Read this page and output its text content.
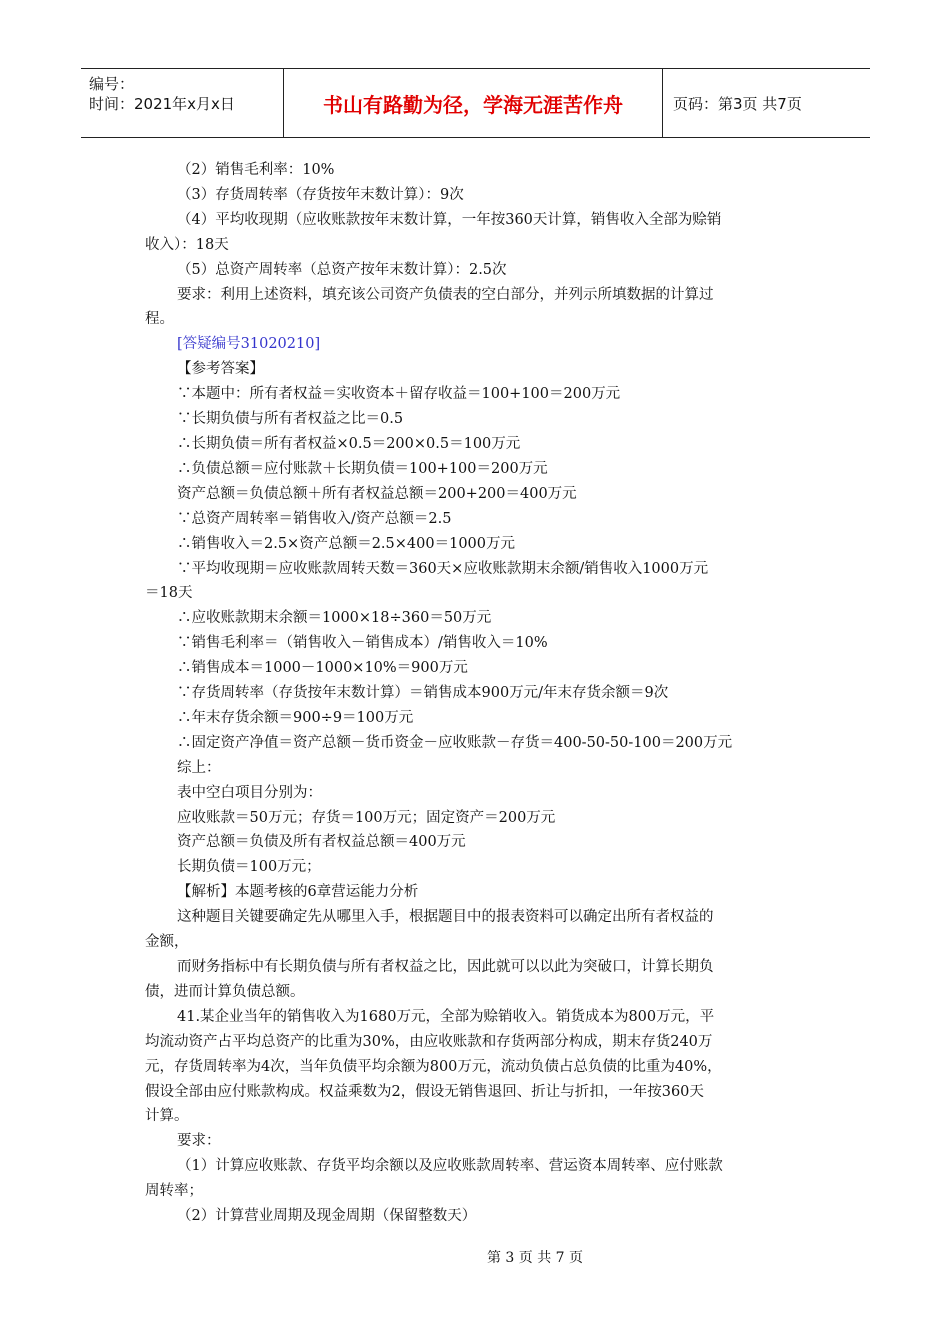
编号：
时间：2021年x月x日	书山有路勤为径，学海无涯苦作舟	页码：第3页 共7页

（2）销售毛利率：10%

（3）存货周转率（存货按年末数计算）：9次

（4）平均收现期（应收账款按年末数计算，一年按360天计算，销售收入全部为赊销

收入）：18天

（5）总资产周转率（总资产按年末数计算）：2.5次

要求：利用上述资料，填充该公司资产负债表的空白部分，并列示所填数据的计算过

程。

[答疑编号31020210]

【参考答案】

∵本题中：所有者权益＝实收资本＋留存收益＝100+100＝200万元

∵长期负债与所有者权益之比＝0.5

∴长期负债＝所有者权益×0.5＝200×0.5＝100万元

∴负债总额＝应付账款＋长期负债＝100+100＝200万元

资产总额＝负债总额＋所有者权益总额＝200+200＝400万元

∵总资产周转率＝销售收入/资产总额＝2.5

∴销售收入＝2.5×资产总额＝2.5×400＝1000万元

∵平均收现期＝应收账款周转天数＝360天×应收账款期末余额/销售收入1000万元

＝18天

∴应收账款期末余额＝1000×18÷360＝50万元

∵销售毛利率＝（销售收入－销售成本）/销售收入＝10%

∴销售成本＝1000－1000×10%＝900万元

∵存货周转率（存货按年末数计算）＝销售成本900万元/年末存货余额＝9次

∴年末存货余额＝900÷9＝100万元

∴固定资产净值＝资产总额－货币资金－应收账款－存货＝400-50-50-100＝200万元

综上：

表中空白项目分别为：

应收账款＝50万元；存货＝100万元；固定资产＝200万元

资产总额＝负债及所有者权益总额＝400万元

长期负债＝100万元；

【解析】本题考核的6章营运能力分析

这种题目关键要确定先从哪里入手，根据题目中的报表资料可以确定出所有者权益的

金额，

而财务指标中有长期负债与所有者权益之比，因此就可以以此为突破口，计算长期负

债，进而计算负债总额。

41.某企业当年的销售收入为1680万元，全部为赊销收入。销货成本为800万元，平

均流动资产占平均总资产的比重为30%，由应收账款和存货两部分构成，期末存货240万

元，存货周转率为4次，当年负债平均余额为800万元，流动负债占总负债的比重为40%，

假设全部由应付账款构成。权益乘数为2，假设无销售退回、折让与折扣，一年按360天

计算。

要求：

（1）计算应收账款、存货平均余额以及应收账款周转率、营运资本周转率、应付账款

周转率；

（2）计算营业周期及现金周期（保留整数天）

第 3 页 共 7 页
